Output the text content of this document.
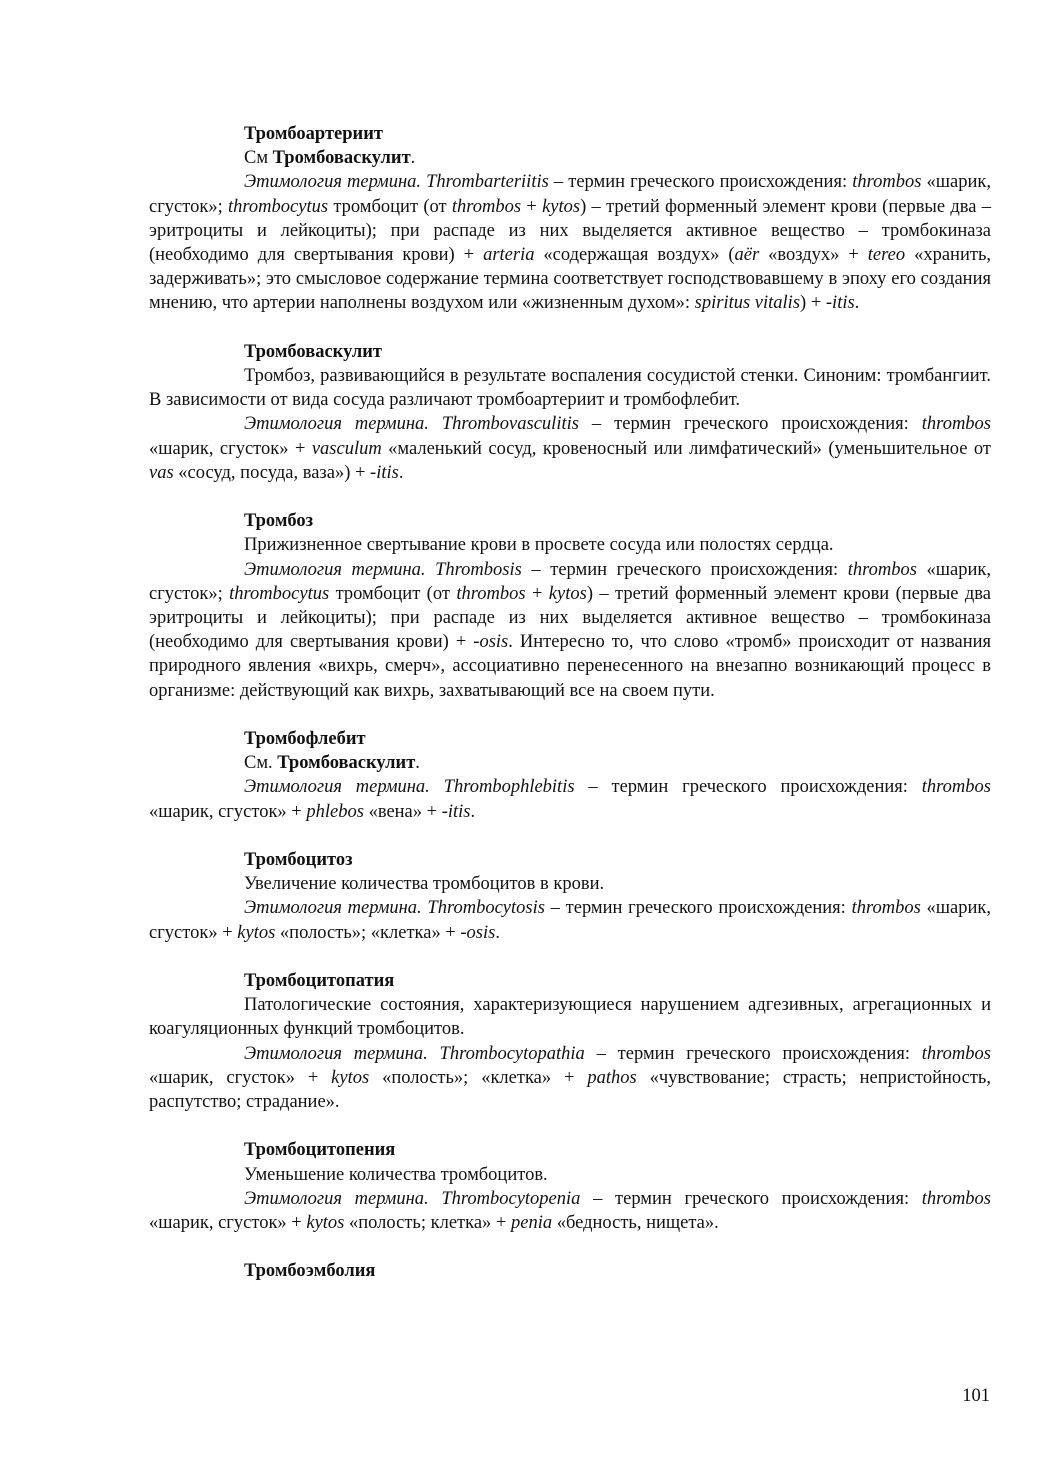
Тромбоартериит

См Тромбоваскулит.

Этимология термина. Thrombarteriitis – термин греческого происхождения: thrombos «шарик, сгусток»; thrombocytus тромбоцит (от thrombos + kytos) – третий форменный элемент крови (первые два – эритроциты и лейкоциты); при распаде из них выделяется активное вещество – тромбокиназа (необходимо для свертывания крови) + arteria «содержащая воздух» (aёr «воздух» + tereo «хранить, задерживать»; это смысловое содержание термина соответствует господствовавшему в эпоху его создания мнению, что артерии наполнены воздухом или «жизненным духом»: spiritus vitalis) + -itis.

Тромбоваскулит

Тромбоз, развивающийся в результате воспаления сосудистой стенки. Синоним: тромбангиит. В зависимости от вида сосуда различают тромбоартериит и тромбофлебит.

Этимология термина. Thrombovasculitis – термин греческого происхождения: thrombos «шарик, сгусток» + vasculum «маленький сосуд, кровеносный или лимфатический» (уменьшительное от vas «сосуд, посуда, ваза») + -itis.

Тромбоз

Прижизненное свертывание крови в просвете сосуда или полостях сердца.

Этимология термина. Thrombosis – термин греческого происхождения: thrombos «шарик, сгусток»; thrombocytus тромбоцит (от thrombos + kytos) – третий форменный элемент крови (первые два эритроциты и лейкоциты); при распаде из них выделяется активное вещество – тромбокиназа (необходимо для свертывания крови) + -osis. Интересно то, что слово «тромб» происходит от названия природного явления «вихрь, смерч», ассоциативно перенесенного на внезапно возникающий процесс в организме: действующий как вихрь, захватывающий все на своем пути.

Тромбофлебит

См. Тромбоваскулит.

Этимология термина. Thrombophlebitis – термин греческого происхождения: thrombos «шарик, сгусток» + phlebos «вена» + -itis.

Тромбоцитоз

Увеличение количества тромбоцитов в крови.

Этимология термина. Thrombocytosis – термин греческого происхождения: thrombos «шарик, сгусток» + kytos «полость»; «клетка» + -osis.

Тромбоцитопатия

Патологические состояния, характеризующиеся нарушением адгезивных, агрегационных и коагуляционных функций тромбоцитов.

Этимология термина. Thrombocytopathia – термин греческого происхождения: thrombos «шарик, сгусток» + kytos «полость»; «клетка» + pathos «чувствование; страсть; непристойность, распутство; страдание».

Тромбоцитопения

Уменьшение количества тромбоцитов.

Этимология термина. Thrombocytopenia – термин греческого происхождения: thrombos «шарик, сгусток» + kytos «полость; клетка» + penia «бедность, нищета».

Тромбоэмболия

101
